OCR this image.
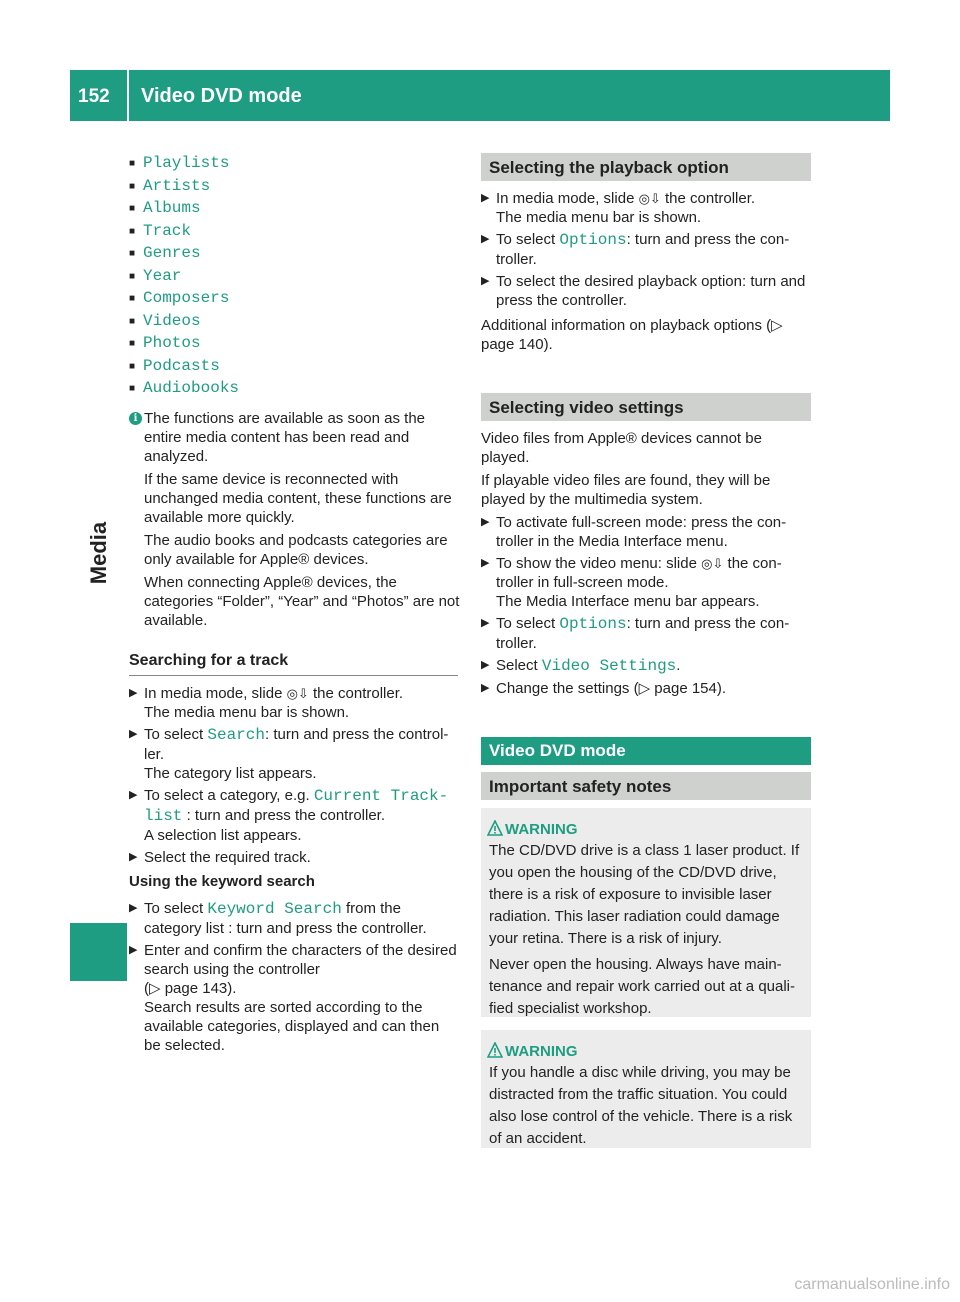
152	Video DVD mode
Media
■ Playlists
■ Artists
■ Albums
■ Track
■ Genres
■ Year
■ Composers
■ Videos
■ Photos
■ Podcasts
■ Audiobooks
i The functions are available as soon as the entire media content has been read and analyzed.

If the same device is reconnected with unchanged media content, these functions are available more quickly.

The audio books and podcasts categories are only available for Apple® devices.

When connecting Apple® devices, the categories “Folder”, “Year” and “Photos” are not available.

Searching for a track
▶ In media mode, slide ◎⇩ the controller.
The media menu bar is shown.
▶ To select Search: turn and press the control-ler.
The category list appears.
▶ To select a category, e.g. Current Track-list : turn and press the controller.
A selection list appears.
▶ Select the required track.
Using the keyword search
▶ To select Keyword Search from the category list : turn and press the controller.
▶ Enter and confirm the characters of the desired search using the controller
(▷ page 143).
Search results are sorted according to the available categories, displayed and can then be selected.
Selecting the playback option
▶ In media mode, slide ◎⇩ the controller.
The media menu bar is shown.
▶ To select Options: turn and press the con-troller.
▶ To select the desired playback option: turn and press the controller.

Additional information on playback options (▷ page 140).

Selecting video settings

Video files from Apple® devices cannot be played.

If playable video files are found, they will be played by the multimedia system.

▶ To activate full-screen mode: press the con-troller in the Media Interface menu.
▶ To show the video menu: slide ◎⇩ the con-troller in full-screen mode.
The Media Interface menu bar appears.
▶ To select Options: turn and press the con-troller.
▶ Select Video Settings.
▶ Change the settings (▷ page 154).
Video DVD mode
Important safety notes
WARNING

The CD/DVD drive is a class 1 laser product. If you open the housing of the CD/DVD drive, there is a risk of exposure to invisible laser radiation. This laser radiation could damage your retina. There is a risk of injury.

Never open the housing. Always have main-tenance and repair work carried out at a quali-fied specialist workshop.

WARNING

If you handle a disc while driving, you may be distracted from the traffic situation. You could also lose control of the vehicle. There is a risk of an accident.

carmanualsonline.info
